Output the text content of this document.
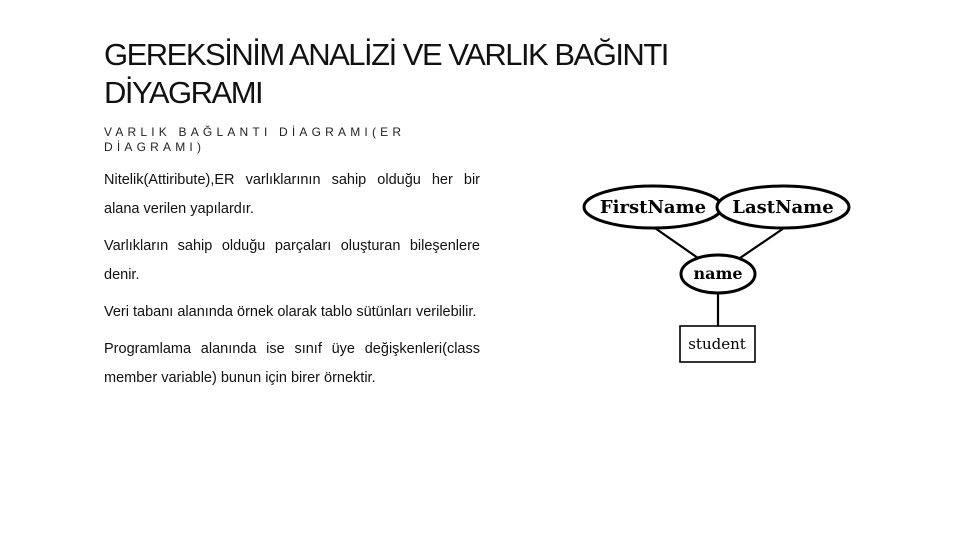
GEREKSİNİM ANALİZİ VE VARLIK BAĞINTI DİYAGRAMI

VARLIK BAĞLANTI DİAGRAMI(ER DİAGRAMI)

Nitelik(Attiribute),ER varlıklarının sahip olduğu her bir alana verilen yapılardır.

Varlıkların sahip olduğu parçaları oluşturan bileşenlere denir.

Veri tabanı alanında örnek olarak tablo sütünları verilebilir.

Programlama alanında ise sınıf üye değişkenleri(class member variable) bunun için birer örnektir.

FirstName LastName
name
student
